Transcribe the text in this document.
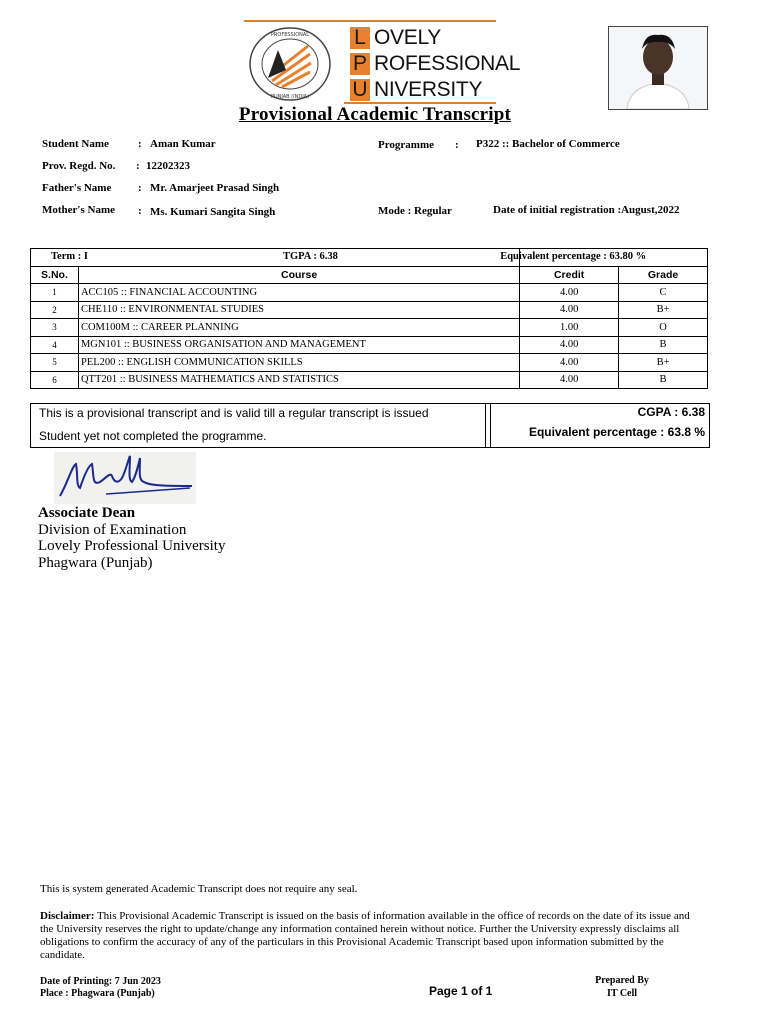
PROFESSIONAL
PUNJAB (INDIA)
L OVELY
P ROFESSIONAL
U NIVERSITY
Provisional Academic Transcript
Student Name	: Aman Kumar	Programme : P322 :: Bachelor of Commerce
Prov. Regd. No. : 12202323
Father's Name : Mr. Amarjeet Prasad Singh
Mother's Name : Ms. Kumari Sangita Singh	Mode : Regular	Date of initial registration :August,2022
Term : I TGPA : 6.38		Equivalent percentage : 63.80 %	

S.No.	Course	Credit	Grade
1	ACC105 :: FINANCIAL ACCOUNTING	4.00	C
2	CHE110 :: ENVIRONMENTAL STUDIES	4.00	B+
3	COM100M :: CAREER PLANNING	1.00	O
4	MGN101 :: BUSINESS ORGANISATION AND MANAGEMENT	4.00	B
5	PEL200 :: ENGLISH COMMUNICATION SKILLS	4.00	B+
6	QTT201 :: BUSINESS MATHEMATICS AND STATISTICS	4.00	B
This is a provisional transcript and is valid till a regular transcript is issued
Student yet not completed the programme.
CGPA : 6.38
Equivalent percentage : 63.8 %
Associate Dean
Division of Examination
Lovely Professional University
Phagwara (Punjab)
This is system generated Academic Transcript does not require any seal.
Disclaimer: This Provisional Academic Transcript is issued on the basis of information available in the office of records on the date of its issue and the University reserves the right to update/change any information contained herein without notice. Further the University expressly disclaims all obligations to confirm the accuracy of any of the particulars in this Provisional Academic Transcript based upon information submitted by the candidate.
Date of Printing: 7 Jun 2023
Place : Phagwara (Punjab)	Page 1 of 1
Prepared By
IT Cell
